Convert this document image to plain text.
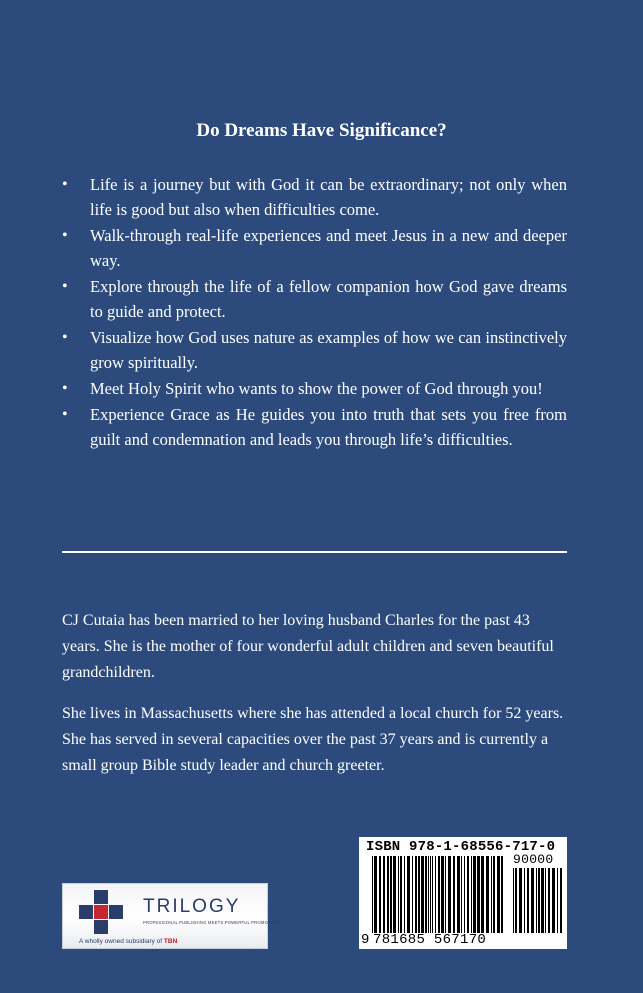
Do Dreams Have Significance?
• Life is a journey but with God it can be extraordinary; not only when life is good but also when difficulties come.
• Walk-through real-life experiences and meet Jesus in a new and deeper way.
• Explore through the life of a fellow companion how God gave dreams to guide and protect.
• Visualize how God uses nature as examples of how we can instinctively grow spiritually.
• Meet Holy Spirit who wants to show the power of God through you!
• Experience Grace as He guides you into truth that sets you free from guilt and condemnation and leads you through life’s difficulties.

CJ Cutaia has been married to her loving husband Charles for the past 43 years. She is the mother of four wonderful adult children and seven beautiful grandchildren.

She lives in Massachusetts where she has attended a local church for 52 years. She has served in several capacities over the past 37 years and is currently a small group Bible study leader and church greeter.

TRILOGY
PROFESSIONAL PUBLISHING MEETS POWERFUL PROMOTION
A wholly owned subsidiary of TBN
ISBN 978-1-68556-717-0
90000
9 781685 567170
